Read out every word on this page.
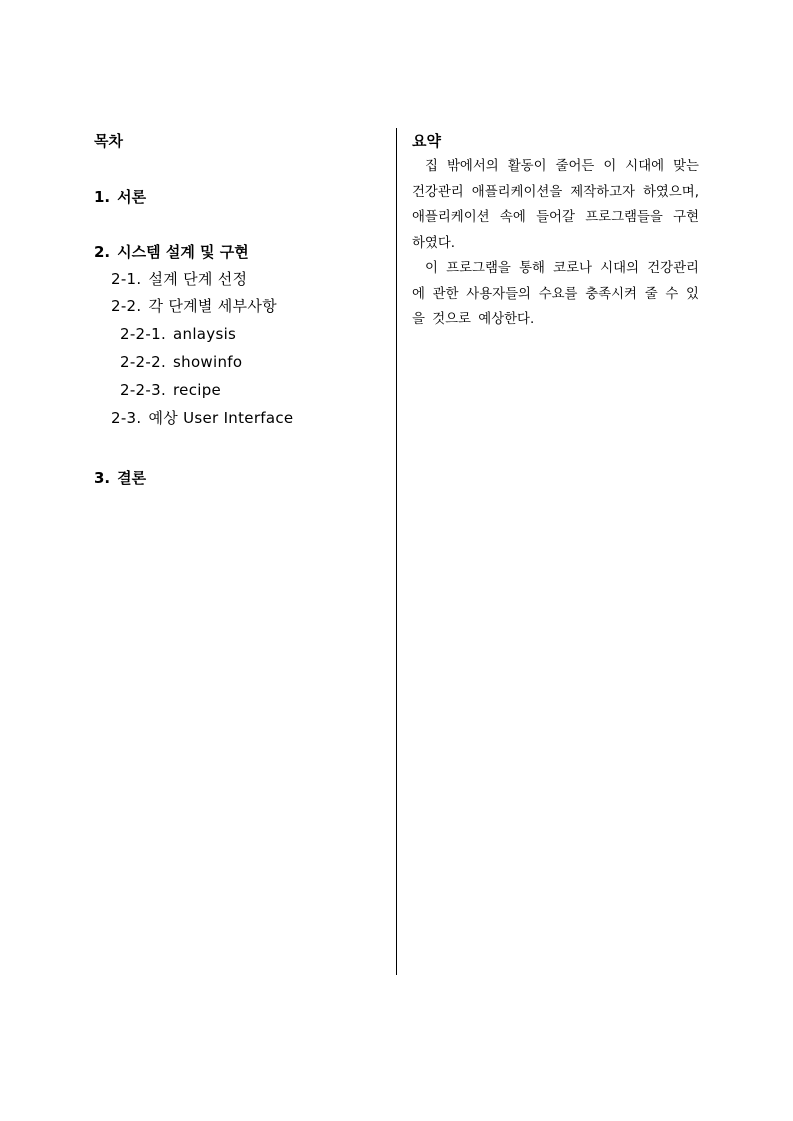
목차
1. 서론
2. 시스템 설계 및 구현
2-1. 설계 단계 선정
2-2. 각 단계별 세부사항
2-2-1. anlaysis
2-2-2. showinfo
2-2-3. recipe
2-3. 예상 User Interface
3. 결론
요약

집 밖에서의 활동이 줄어든 이 시대에 맞는 건강관리 애플리케이션을 제작하고자 하였으며, 애플리케이션 속에 들어갈 프로그램들을 구현하였다.

이 프로그램을 통해 코로나 시대의 건강관리에 관한 사용자들의 수요를 충족시켜 줄 수 있을 것으로 예상한다.
